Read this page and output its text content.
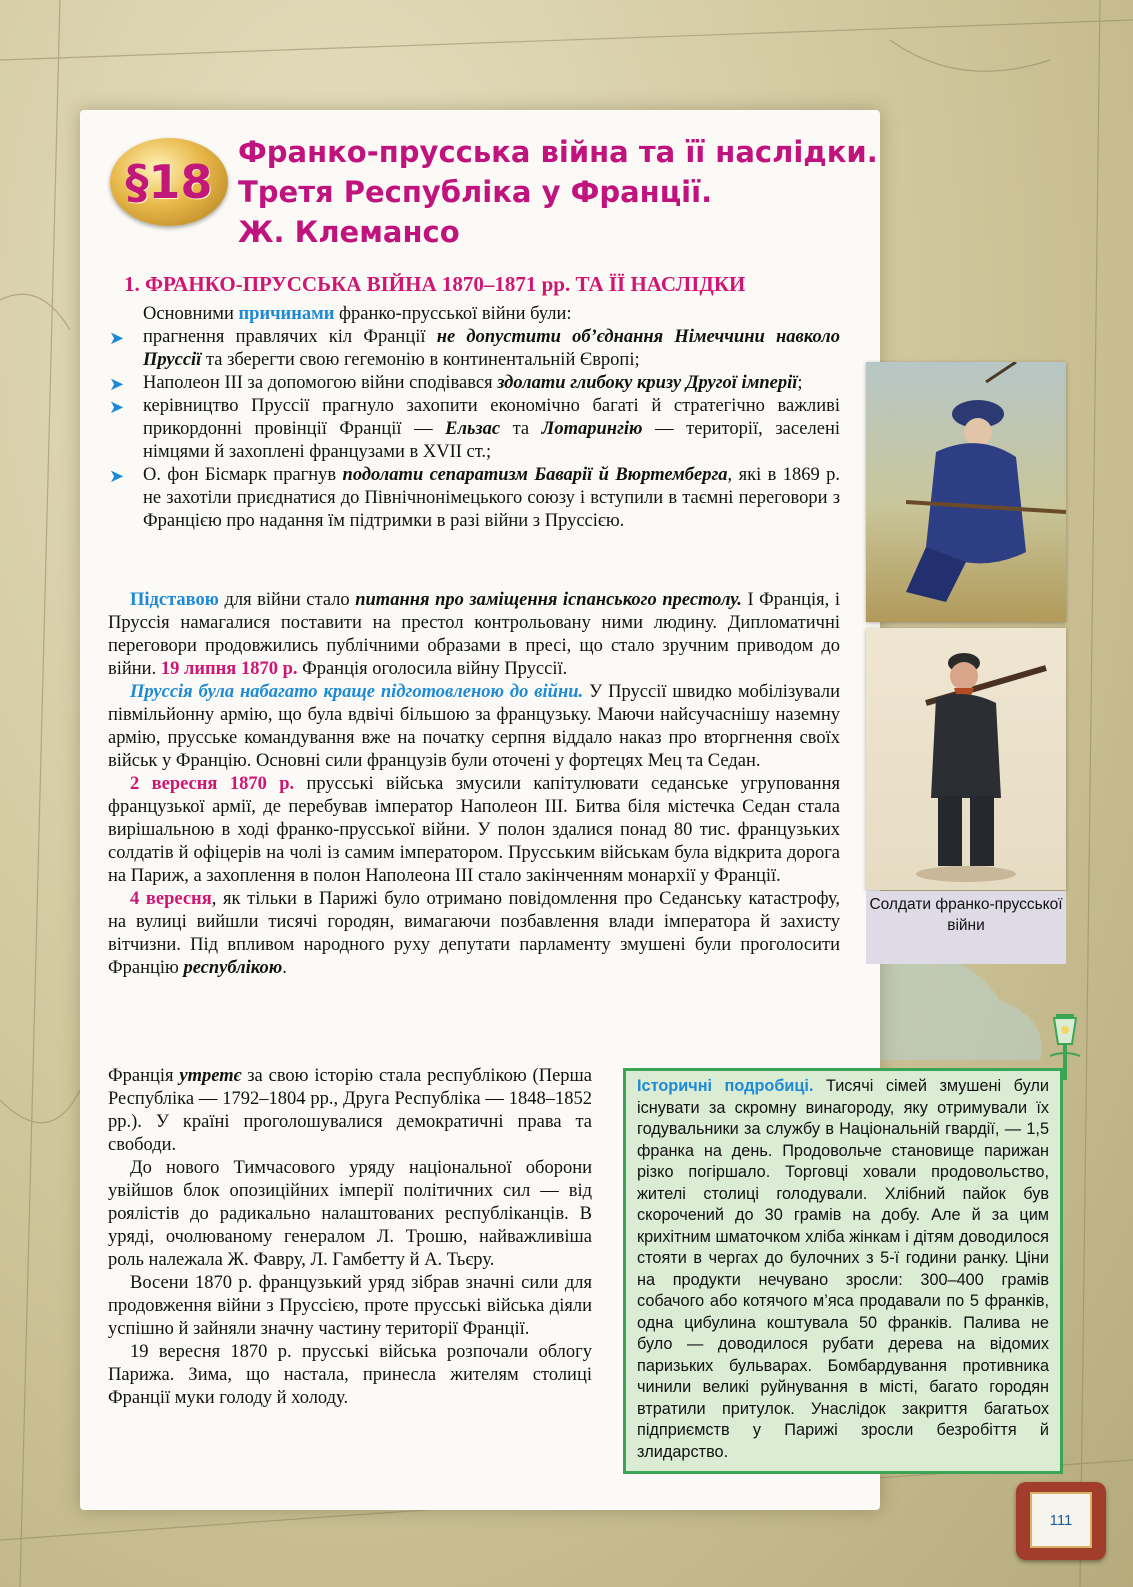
§18
Франко-прусська війна та її наслідки.
Третя Республіка у Франції.
Ж. Клемансо
1. ФРАНКО-ПРУССЬКА ВІЙНА 1870–1871 рр. ТА ЇЇ НАСЛІДКИ

Основними причинами франко-прусської війни були:

➤ прагнення правлячих кіл Франції не допустити об’єднання Німеччини навколо Пруссії та зберегти свою гегемонію в континентальній Європі;

➤ Наполеон ІІІ за допомогою війни сподівався здолати глибоку кризу Другої імперії;

➤ керівництво Пруссії прагнуло захопити економічно багаті й стратегічно важливі прикордонні провінції Франції — Ельзас та Лотарингію — території, заселені німцями й захоплені французами в XVII ст.;

➤ О. фон Бісмарк прагнув подолати сепаратизм Баварії й Вюртемберга, які в 1869 р. не захотіли приєднатися до Північнонімецького союзу і вступили в таємні переговори з Францією про надання їм підтримки в разі війни з Пруссією.

Підставою для війни стало питання про заміщення іспанського престолу. І Франція, і Пруссія намагалися поставити на престол контрольовану ними людину. Дипломатичні переговори продовжились публічними образами в пресі, що стало зручним приводом до війни. 19 липня 1870 р. Франція оголосила війну Пруссії.

Пруссія була набагато краще підготовленою до війни. У Пруссії швидко мобілізували півмільйонну армію, що була вдвічі більшою за французьку. Маючи найсучаснішу наземну армію, прусське командування вже на початку серпня віддало наказ про вторгнення своїх військ у Францію. Основні сили французів були оточені у фортецях Мец та Седан.

2 вересня 1870 р. прусські війська змусили капітулювати седанське угруповання французької армії, де перебував імператор Наполеон ІІІ. Битва біля містечка Седан стала вирішальною в ході франко-прусської війни. У полон здалися понад 80 тис. французьких солдатів й офіцерів на чолі із самим імператором. Прусським військам була відкрита дорога на Париж, а захоплення в полон Наполеона ІІІ стало закінченням монархії у Франції.

4 вересня, як тільки в Парижі було отримано повідомлення про Седанську катастрофу, на вулиці вийшли тисячі городян, вимагаючи позбавлення влади імператора й захисту вітчизни. Під впливом народного руху депутати парламенту змушені були проголосити Францію республікою.

Франція утретє за свою історію стала республікою (Перша Республіка — 1792–1804 рр., Друга Республіка — 1848–1852 рр.). У країні проголошувалися демократичні права та свободи.

До нового Тимчасового уряду національної оборони увійшов блок опозиційних імперії політичних сил — від роялістів до радикально налаштованих республіканців. В уряді, очолюваному генералом Л. Трошю, найважливіша роль належала Ж. Фавру, Л. Гамбетту й А. Тьєру.

Восени 1870 р. французький уряд зібрав значні сили для продовження війни з Пруссією, проте прусські війська діяли успішно й зайняли значну частину території Франції.

19 вересня 1870 р. прусські війська розпочали облогу Парижа. Зима, що настала, принесла жителям столиці Франції муки голоду й холоду.

Солдати франко-прусської війни
Історичні подробиці. Тисячі сімей змушені були існувати за скромну винагороду, яку отримували їх годувальники за службу в Національній гвардії, — 1,5 франка на день. Продовольче становище парижан різко погіршало. Торговці ховали продовольство, жителі столиці голодували. Хлібний пайок був скорочений до 30 грамів на добу. Але й за цим крихітним шматочком хліба жінкам і дітям доводилося стояти в чергах до булочних з 5-ї години ранку. Ціни на продукти нечувано зросли: 300–400 грамів собачого або котячого м’яса продавали по 5 франків, одна цибулина коштувала 50 франків. Палива не було — доводилося рубати дерева на відомих паризьких бульварах. Бомбардування противника чинили великі руйнування в місті, багато городян втратили притулок. Унаслідок закриття багатьох підприємств у Парижі зросли безробіття й злидарство.
111
